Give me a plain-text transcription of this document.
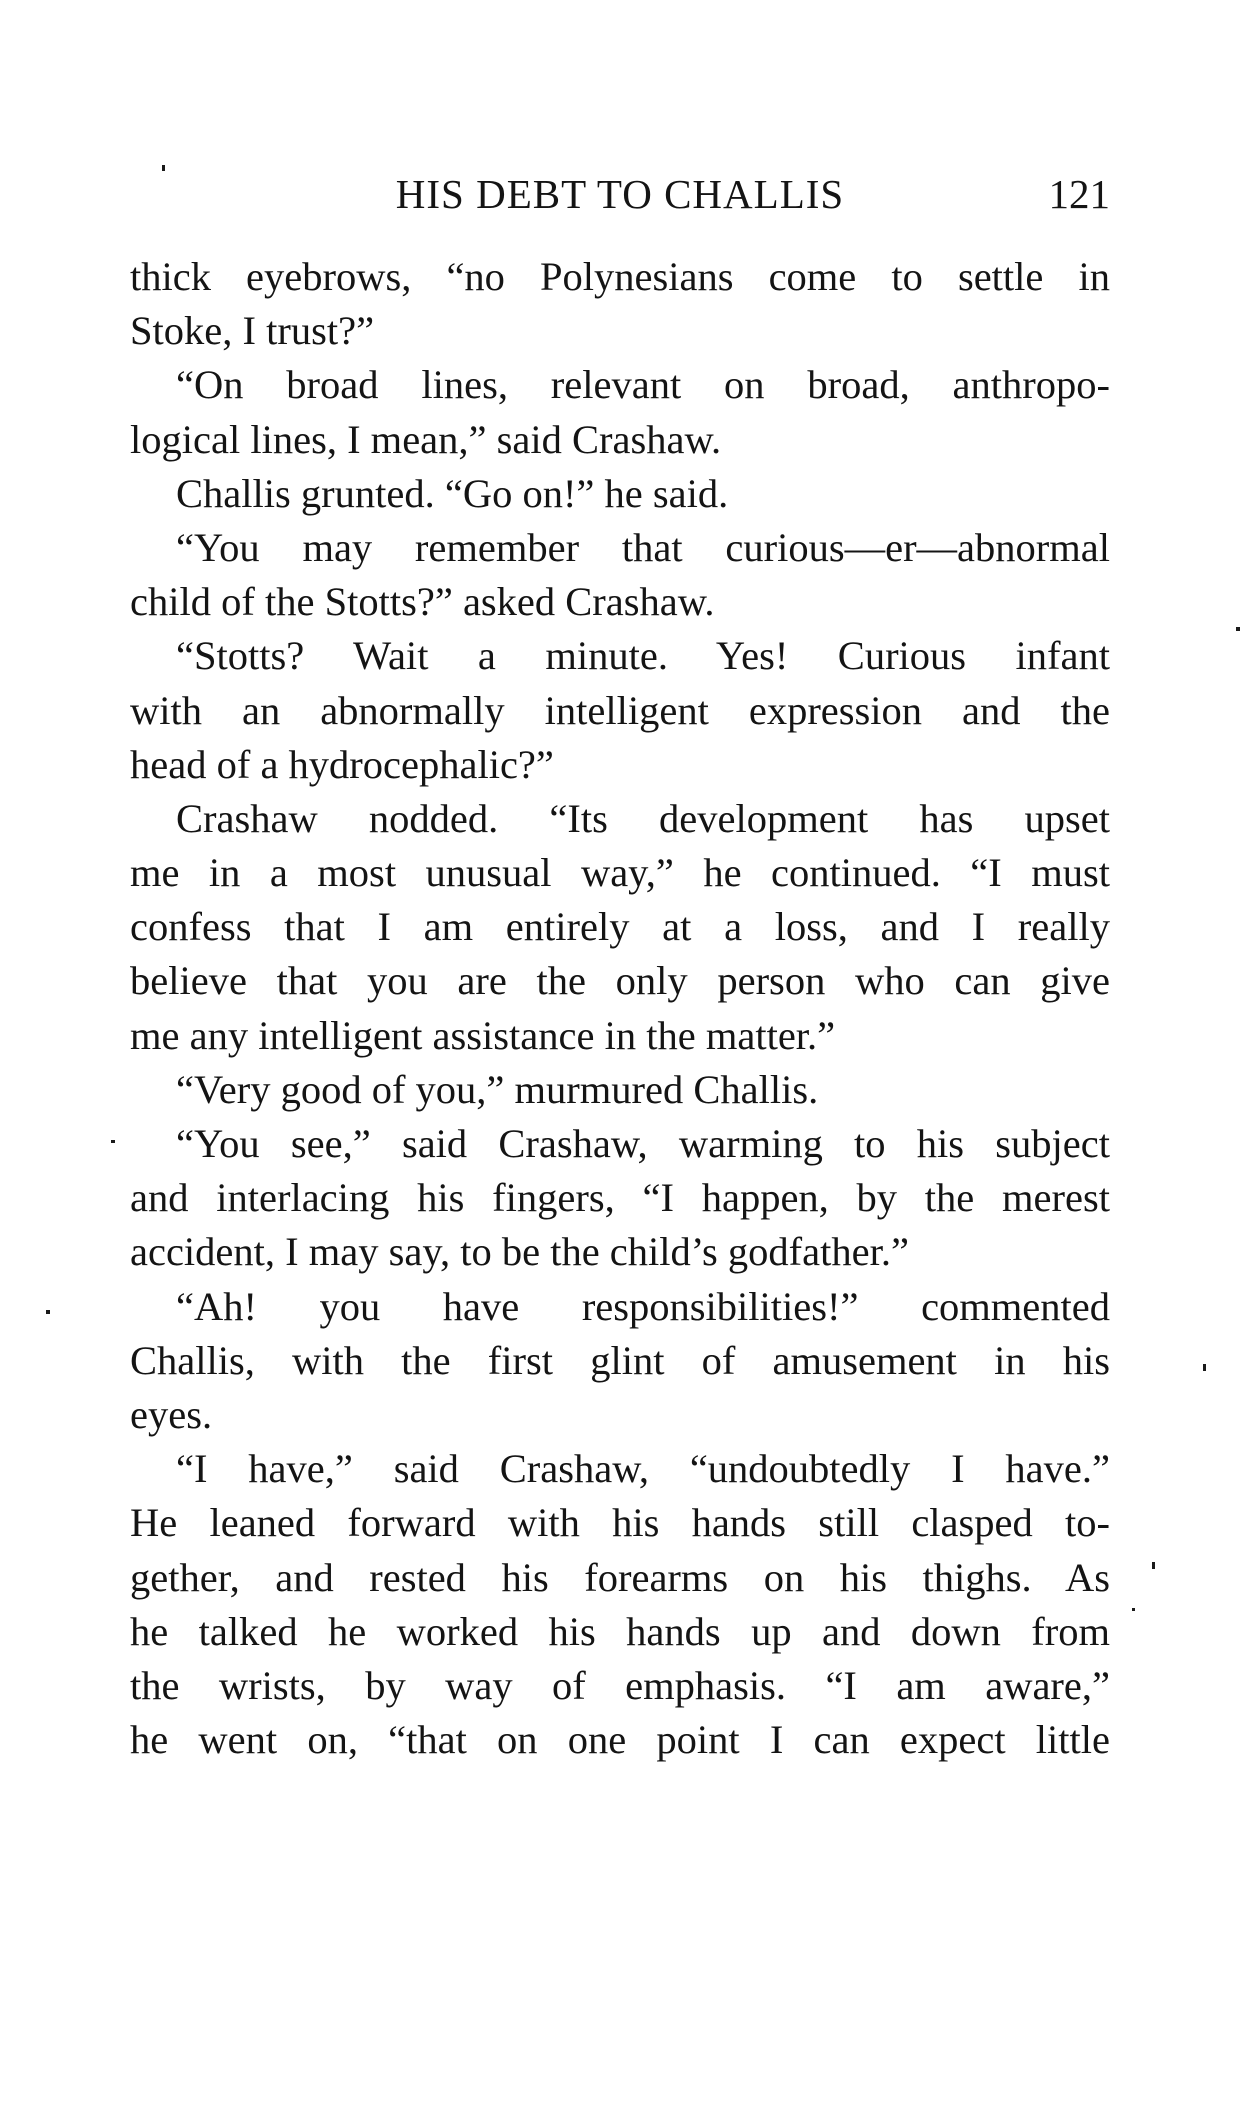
HIS DEBT TO CHALLIS	121
thick eyebrows, “no Polynesians come to settle in
Stoke, I trust?”
“On broad lines, relevant on broad, anthropo-
logical lines, I mean,” said Crashaw.
Challis grunted. “Go on!” he said.
“You may remember that curious—er—abnormal
child of the Stotts?” asked Crashaw.
“Stotts? Wait a minute. Yes! Curious infant
with an abnormally intelligent expression and the
head of a hydrocephalic?”
Crashaw nodded. “Its development has upset
me in a most unusual way,” he continued. “I must
confess that I am entirely at a loss, and I really
believe that you are the only person who can give
me any intelligent assistance in the matter.”
“Very good of you,” murmured Challis.
“You see,” said Crashaw, warming to his subject
and interlacing his fingers, “I happen, by the merest
accident, I may say, to be the child’s godfather.”
“Ah! you have responsibilities!” commented
Challis, with the first glint of amusement in his
eyes.
“I have,” said Crashaw, “undoubtedly I have.”
He leaned forward with his hands still clasped to-
gether, and rested his forearms on his thighs. As
he talked he worked his hands up and down from
the wrists, by way of emphasis. “I am aware,”
he went on, “that on one point I can expect little
